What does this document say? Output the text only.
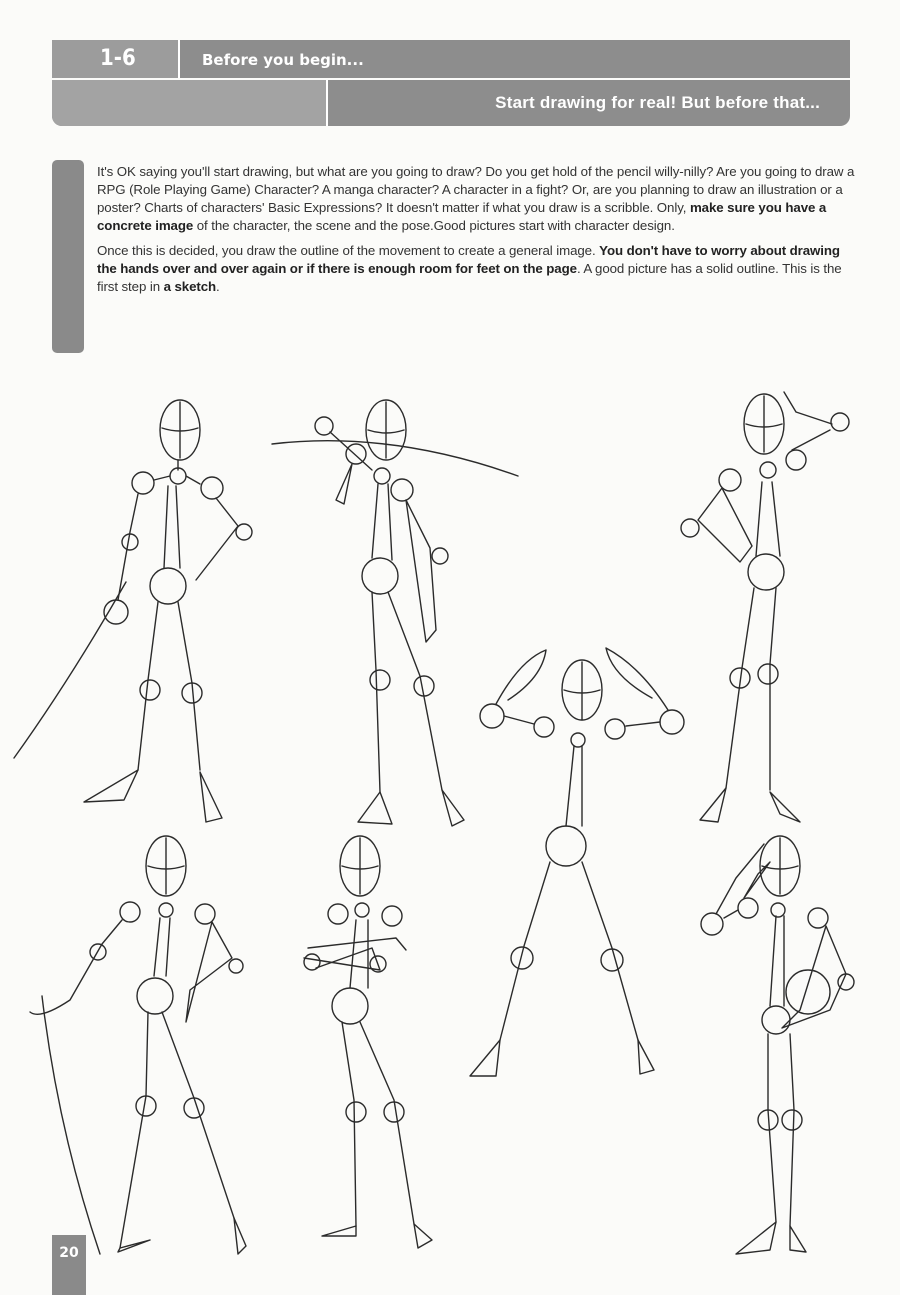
1-6	Before you begin...
Start drawing for real! But before that...

It's OK saying you'll start drawing, but what are you going to draw? Do you get hold of the pencil willy-nilly? Are you going to draw a RPG (Role Playing Game) Character? A manga character? A character in a fight? Or, are you planning to draw an illustration or a poster? Charts of characters' Basic Expressions? It doesn't matter if what you draw is a scribble. Only, make sure you have a concrete image of the character, the scene and the pose.Good pictures start with character design.

Once this is decided, you draw the outline of the movement to create a general image. You don't have to worry about drawing the hands over and over again or if there is enough room for feet on the page. A good picture has a solid outline. This is the first step in a sketch.

20
